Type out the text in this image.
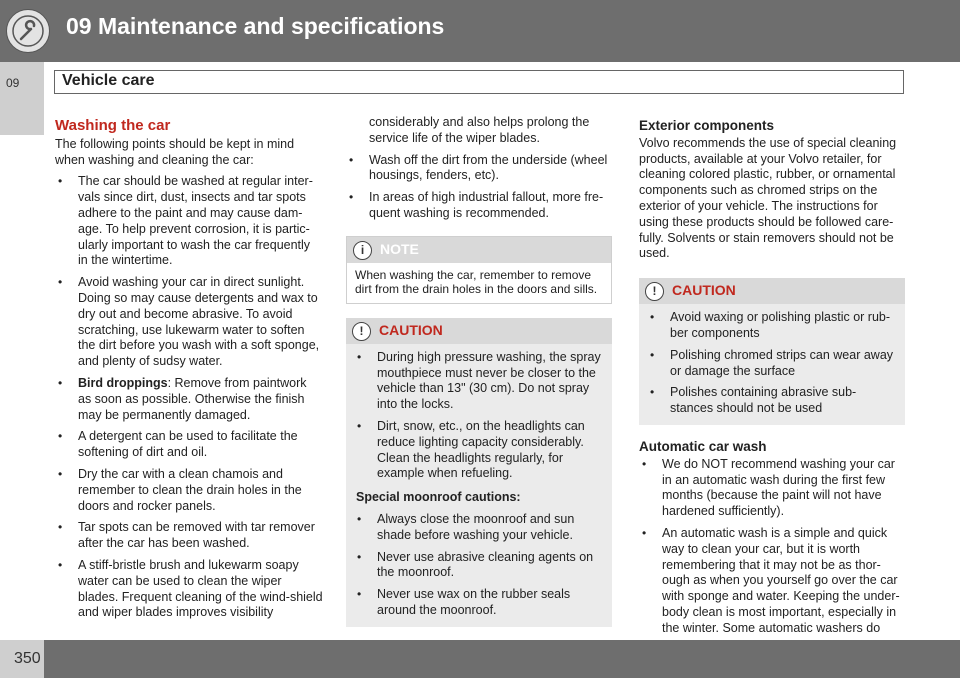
09 Maintenance and specifications
09	Vehicle care
Washing the car

The following points should be kept in mind when washing and cleaning the car:

• The car should be washed at regular inter-vals since dirt, dust, insects and tar spots adhere to the paint and may cause dam-age. To help prevent corrosion, it is partic-ularly important to wash the car frequently in the wintertime.
• Avoid washing your car in direct sunlight. Doing so may cause detergents and wax to dry out and become abrasive. To avoid scratching, use lukewarm water to soften the dirt before you wash with a soft sponge, and plenty of sudsy water.
• Bird droppings: Remove from paintwork as soon as possible. Otherwise the finish may be permanently damaged.
• A detergent can be used to facilitate the softening of dirt and oil.
• Dry the car with a clean chamois and remember to clean the drain holes in the doors and rocker panels.
• Tar spots can be removed with tar remover after the car has been washed.
• A stiff-bristle brush and lukewarm soapy water can be used to clean the wiper blades. Frequent cleaning of the wind-shield and wiper blades improves visibility

considerably and also helps prolong the service life of the wiper blades.

• Wash off the dirt from the underside (wheel housings, fenders, etc).
• In areas of high industrial fallout, more fre-quent washing is recommended.
i	NOTE
When washing the car, remember to remove dirt from the drain holes in the doors and sills.
!	CAUTION
• During high pressure washing, the spray mouthpiece must never be closer to the vehicle than 13" (30 cm). Do not spray into the locks.
• Dirt, snow, etc., on the headlights can reduce lighting capacity considerably. Clean the headlights regularly, for example when refueling.
Special moonroof cautions:
• Always close the moonroof and sun shade before washing your vehicle.
• Never use abrasive cleaning agents on the moonroof.
• Never use wax on the rubber seals around the moonroof.
Exterior components

Volvo recommends the use of special cleaning products, available at your Volvo retailer, for cleaning colored plastic, rubber, or ornamental components such as chromed strips on the exterior of your vehicle. The instructions for using these products should be followed care-fully. Solvents or stain removers should not be used.

!	CAUTION
• Avoid waxing or polishing plastic or rub-ber components
• Polishing chromed strips can wear away or damage the surface
• Polishes containing abrasive sub-stances should not be used
Automatic car wash
• We do NOT recommend washing your car in an automatic wash during the first few months (because the paint will not have hardened sufficiently).
• An automatic wash is a simple and quick way to clean your car, but it is worth remembering that it may not be as thor-ough as when you yourself go over the car with sponge and water. Keeping the under-body clean is most important, especially in the winter. Some automatic washers do
350
